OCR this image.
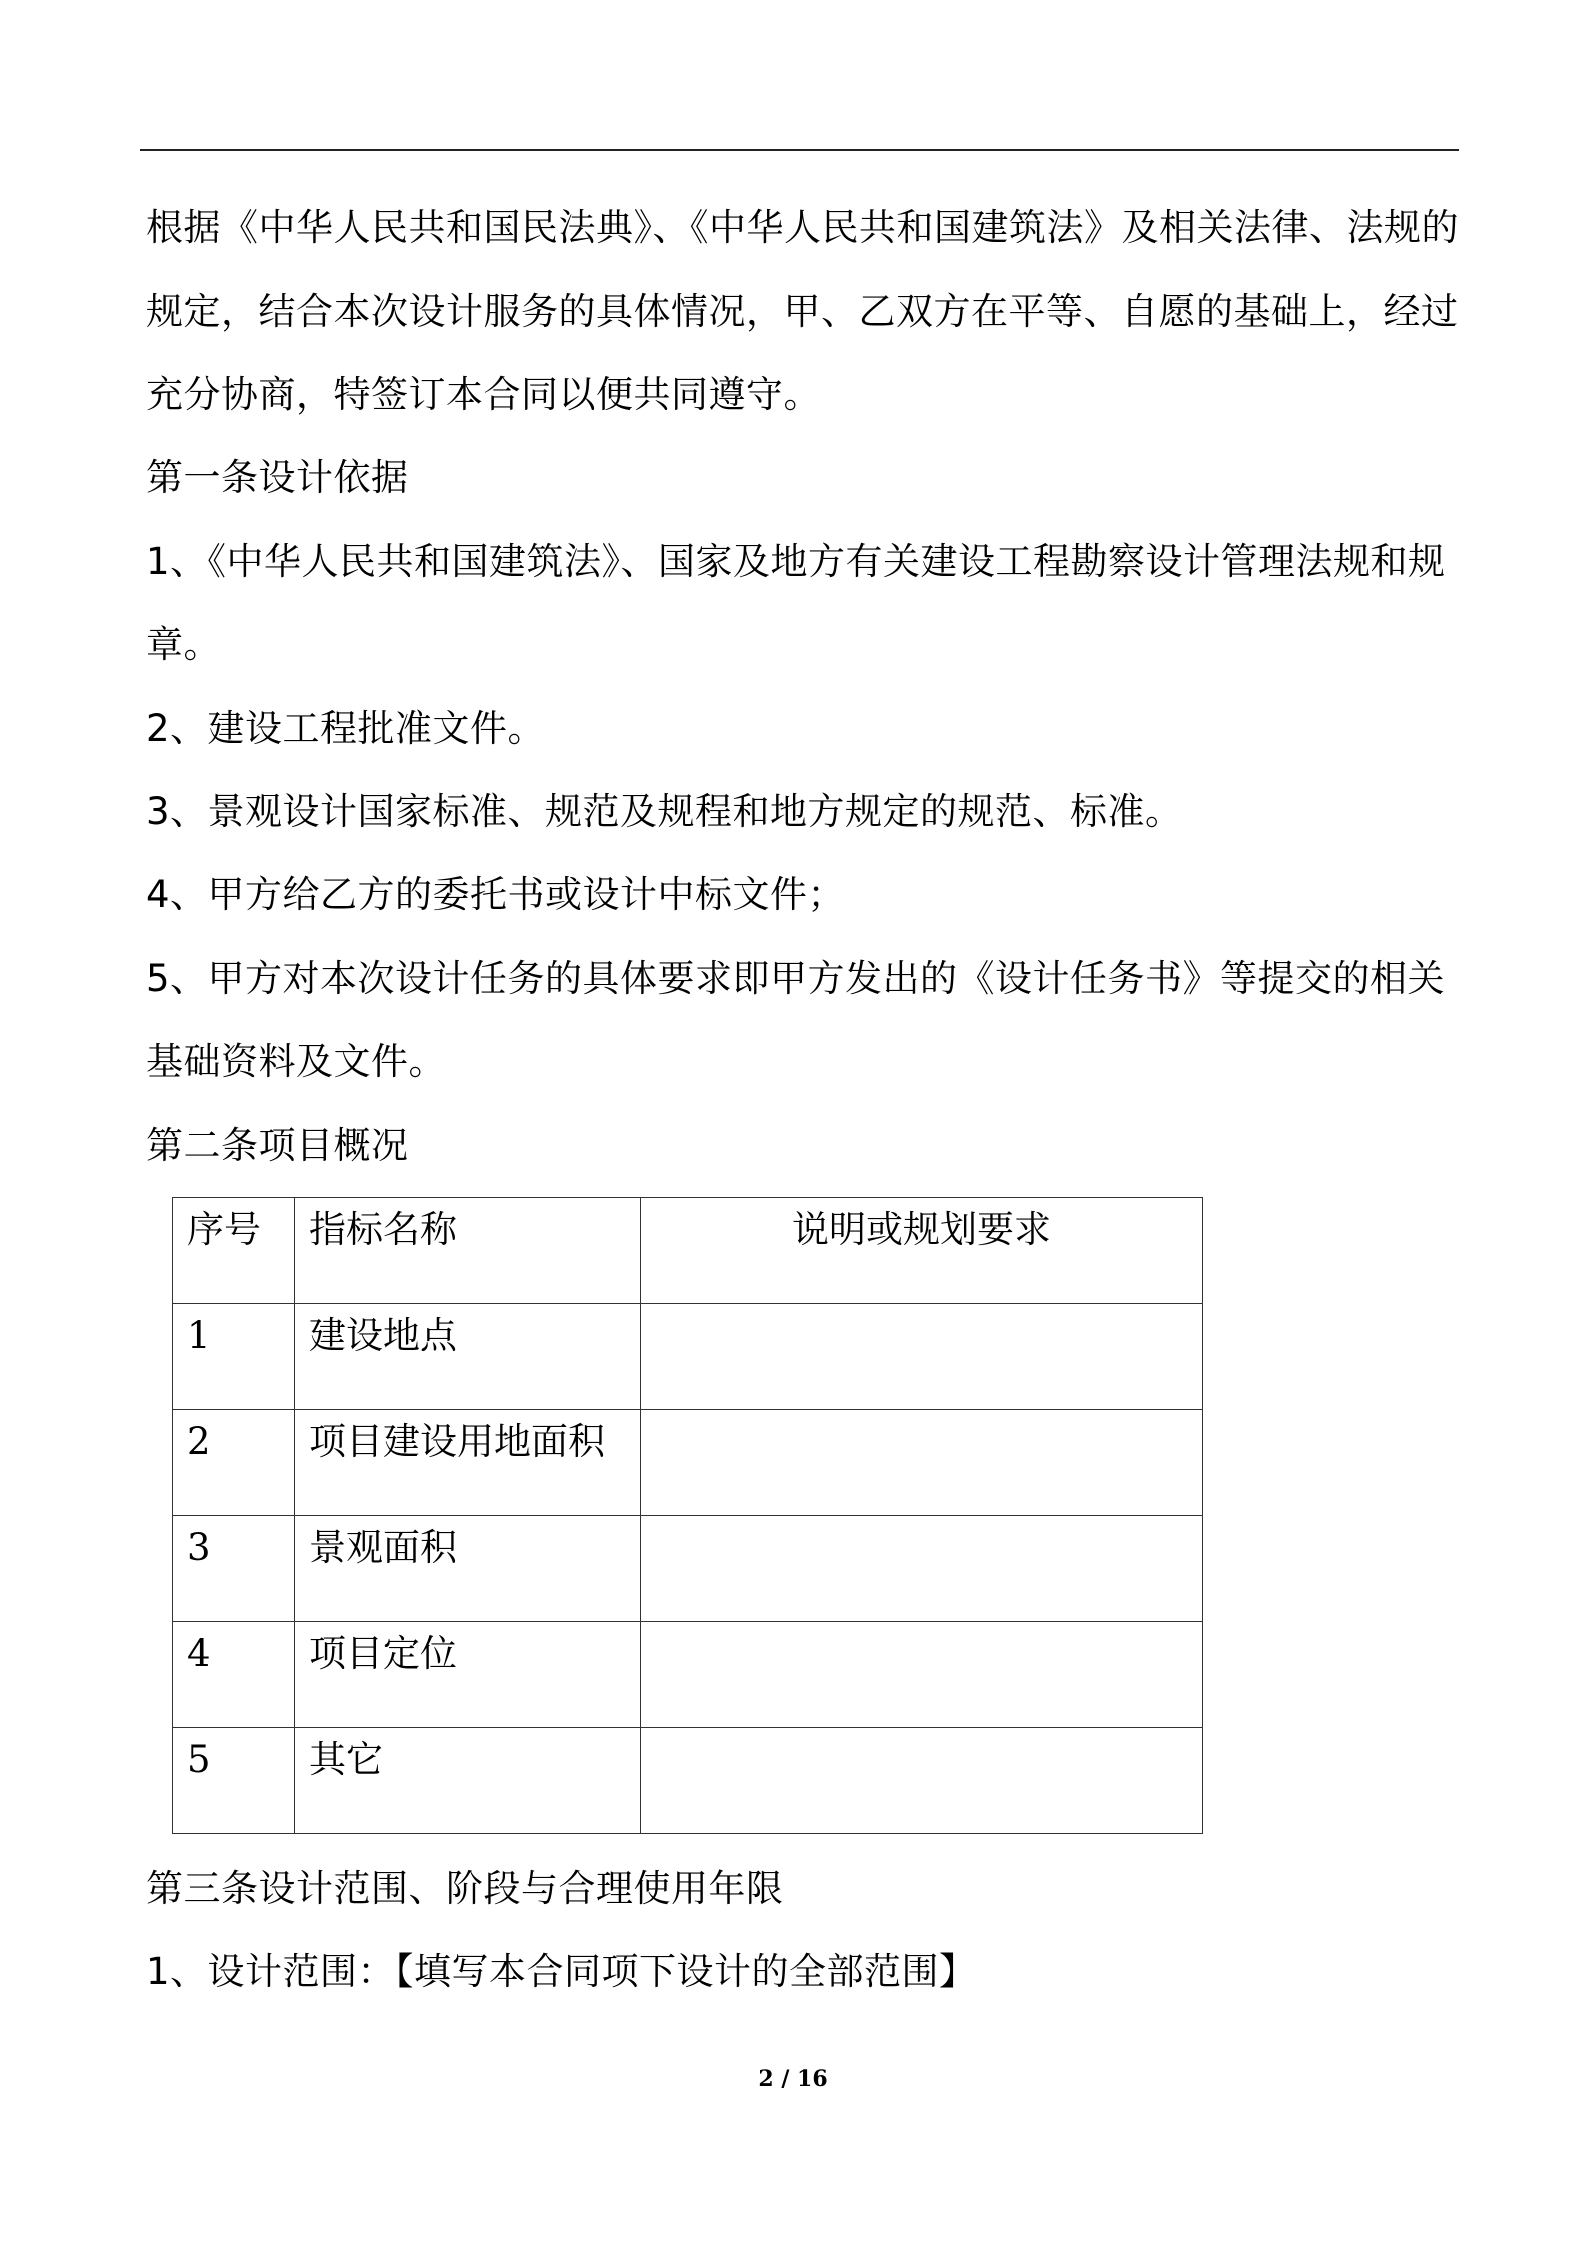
根据《中华人民共和国民法典》、《中华人民共和国建筑法》及相关法律、法规的
规定，结合本次设计服务的具体情况，甲、乙双方在平等、自愿的基础上，经过
充分协商，特签订本合同以便共同遵守。
第一条设计依据
1、《中华人民共和国建筑法》、国家及地方有关建设工程勘察设计管理法规和规
章。
2、建设工程批准文件。
3、景观设计国家标准、规范及规程和地方规定的规范、标准。
4、甲方给乙方的委托书或设计中标文件；
5、甲方对本次设计任务的具体要求即甲方发出的《设计任务书》等提交的相关
基础资料及文件。
第二条项目概况
第三条设计范围、阶段与合理使用年限
1、设计范围：【填写本合同项下设计的全部范围】
序号	指标名称	说明或规划要求
1	建设地点	
2	项目建设用地面积	
3	景观面积	
4	项目定位	
5	其它	
2 / 16
